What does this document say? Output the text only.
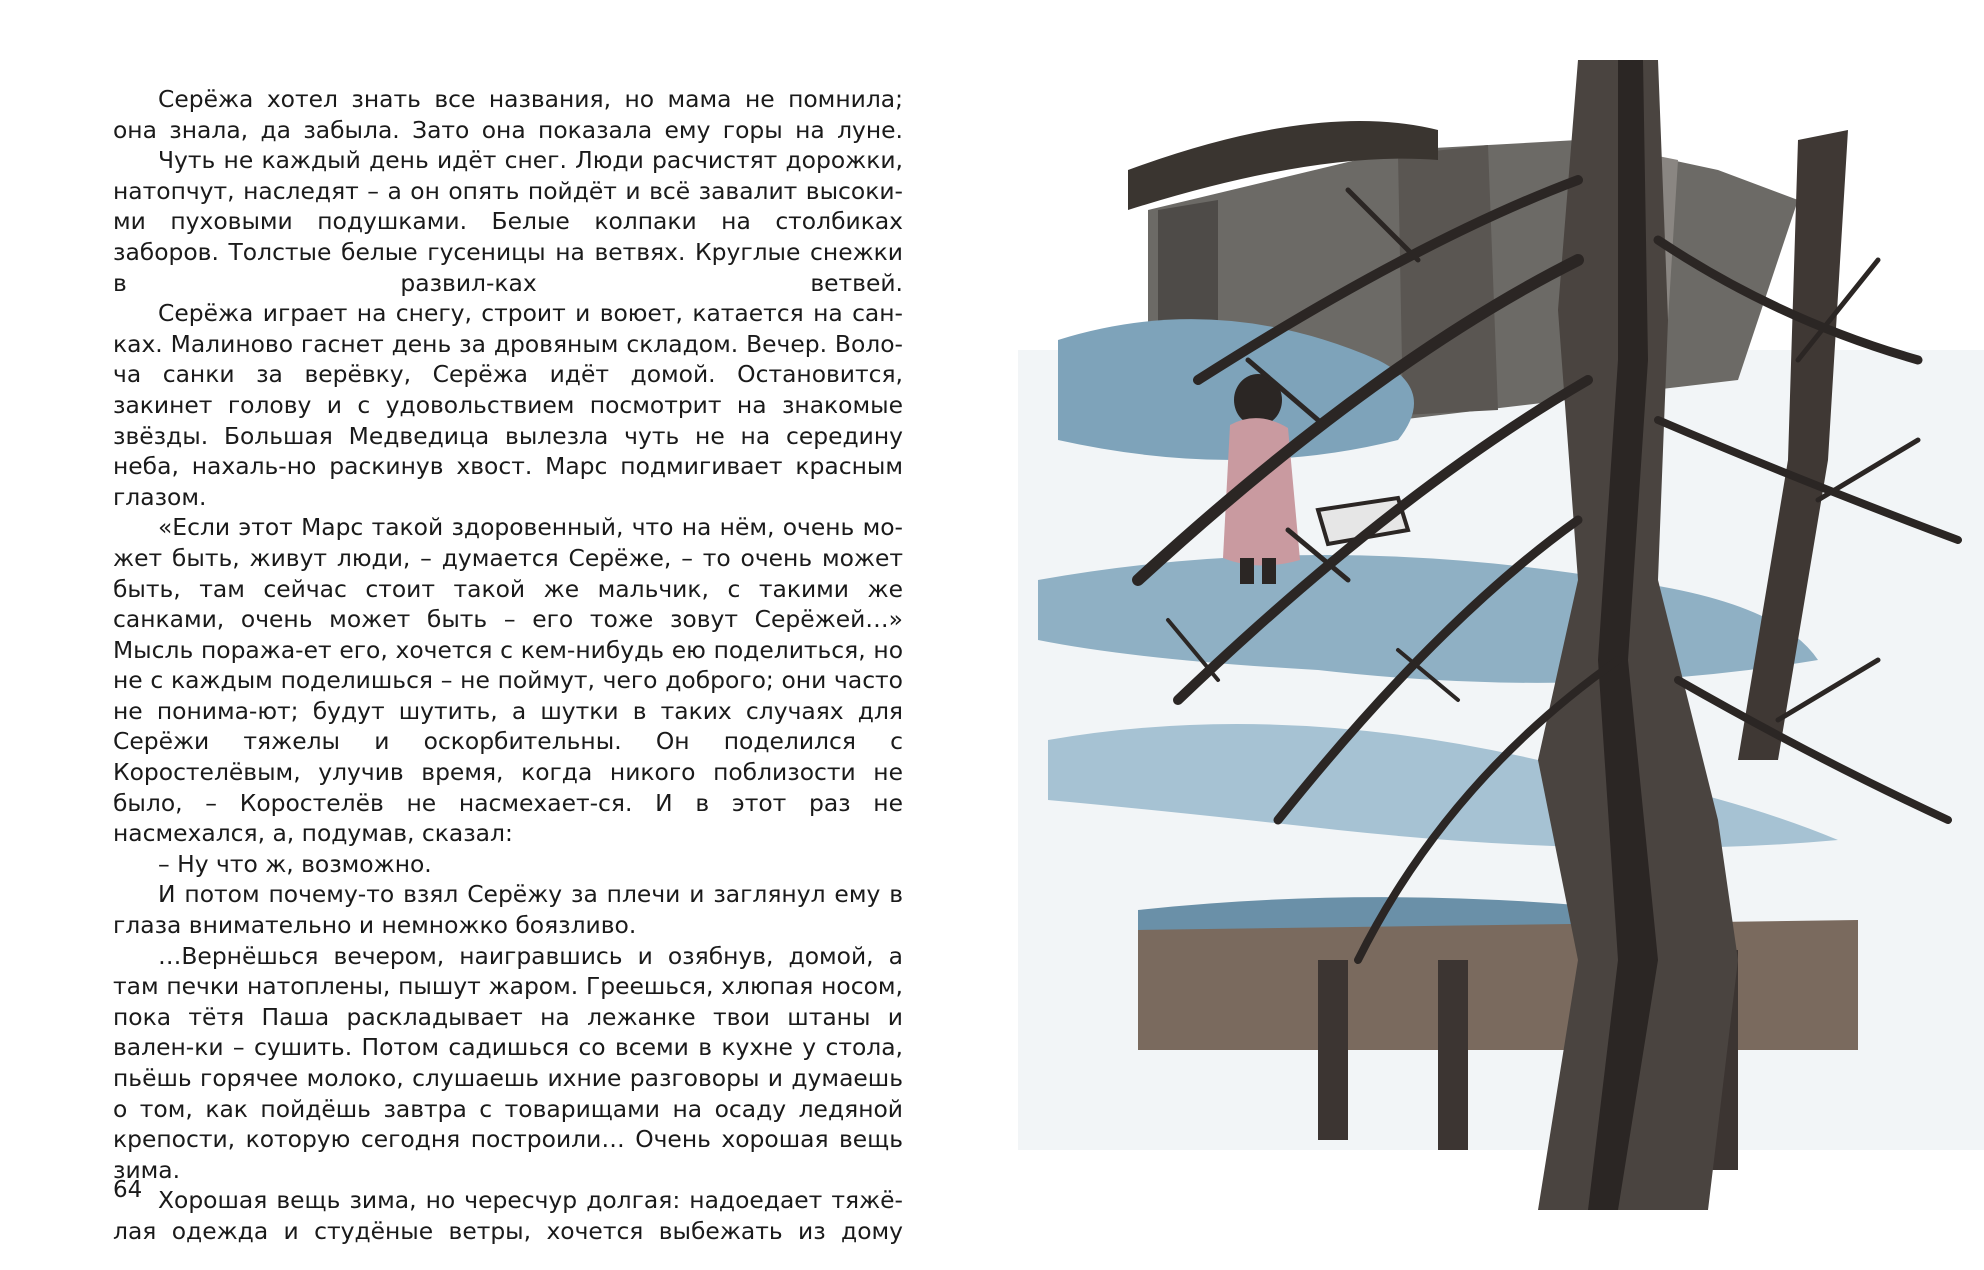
Серёжа хотел знать все названия, но мама не помнила; она знала, да забыла. Зато она показала ему горы на луне.

Чуть не каждый день идёт снег. Люди расчистят дорожки, натопчут, наследят – а он опять пойдёт и всё завалит высоки-ми пуховыми подушками. Белые колпаки на столбиках заборов. Толстые белые гусеницы на ветвях. Круглые снежки в развил-ках ветвей.

Серёжа играет на снегу, строит и воюет, катается на сан-ках. Малиново гаснет день за дровяным складом. Вечер. Воло-ча санки за верёвку, Серёжа идёт домой. Остановится, закинет голову и с удовольствием посмотрит на знакомые звёзды. Большая Медведица вылезла чуть не на середину неба, нахаль-но раскинув хвост. Марс подмигивает красным глазом.

«Если этот Марс такой здоровенный, что на нём, очень мо-жет быть, живут люди, – думается Серёже, – то очень может быть, там сейчас стоит такой же мальчик, с такими же санками, очень может быть – его тоже зовут Серёжей…» Мысль поража-ет его, хочется с кем-нибудь ею поделиться, но не с каждым поделишься – не поймут, чего доброго; они часто не понима-ют; будут шутить, а шутки в таких случаях для Серёжи тяжелы и оскорбительны. Он поделился с Коростелёвым, улучив время, когда никого поблизости не было, – Коростелёв не насмехает-ся. И в этот раз не насмехался, а, подумав, сказал:

– Ну что ж, возможно.

И потом почему-то взял Серёжу за плечи и заглянул ему в глаза внимательно и немножко боязливо.

…Вернёшься вечером, наигравшись и озябнув, домой, а там печки натоплены, пышут жаром. Греешься, хлюпая носом, пока тётя Паша раскладывает на лежанке твои штаны и вален-ки – сушить. Потом садишься со всеми в кухне у стола, пьёшь горячее молоко, слушаешь ихние разговоры и думаешь о том, как пойдёшь завтра с товарищами на осаду ледяной крепости, которую сегодня построили… Очень хорошая вещь зима.

Хорошая вещь зима, но чересчур долгая: надоедает тяжё-лая одежда и студёные ветры, хочется выбежать из дому

64
